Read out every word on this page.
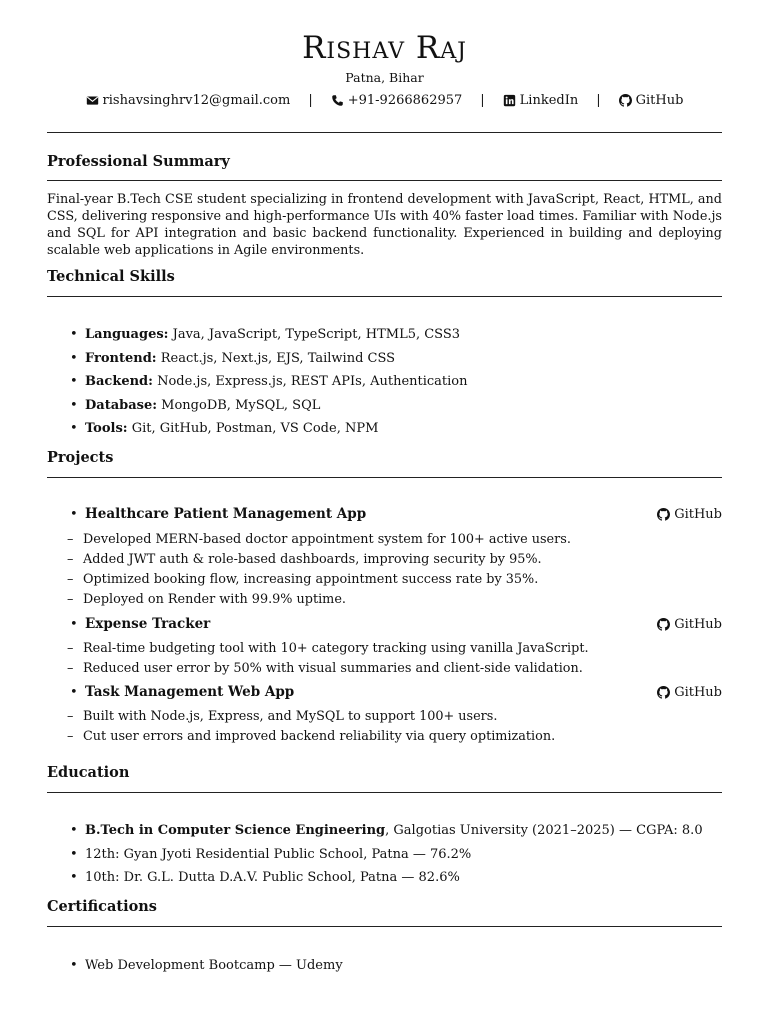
Rishav Raj
Patna, Bihar
rishavsinghrv12@gmail.com |	+91-9266862957 |	LinkedIn |	GitHub
Professional Summary
Final-year B.Tech CSE student specializing in frontend development with JavaScript, React, HTML, and CSS, delivering responsive and high-performance UIs with 40% faster load times. Familiar with Node.js and SQL for API integration and basic backend functionality. Experienced in building and deploying scalable web applications in Agile environments.
Technical Skills
• Languages: Java, JavaScript, TypeScript, HTML5, CSS3
• Frontend: React.js, Next.js, EJS, Tailwind CSS
• Backend: Node.js, Express.js, REST APIs, Authentication
• Database: MongoDB, MySQL, SQL
• Tools: Git, GitHub, Postman, VS Code, NPM
Projects
• Healthcare Patient Management App	GitHub
– Developed MERN-based doctor appointment system for 100+ active users.
– Added JWT auth & role-based dashboards, improving security by 95%.
– Optimized booking flow, increasing appointment success rate by 35%.
– Deployed on Render with 99.9% uptime.
• Expense Tracker	GitHub
– Real-time budgeting tool with 10+ category tracking using vanilla JavaScript.
– Reduced user error by 50% with visual summaries and client-side validation.
• Task Management Web App	GitHub
– Built with Node.js, Express, and MySQL to support 100+ users.
– Cut user errors and improved backend reliability via query optimization.
Education
• B.Tech in Computer Science Engineering, Galgotias University (2021–2025) — CGPA: 8.0
• 12th: Gyan Jyoti Residential Public School, Patna — 76.2%
• 10th: Dr. G.L. Dutta D.A.V. Public School, Patna — 82.6%
Certifications
• Web Development Bootcamp — Udemy
